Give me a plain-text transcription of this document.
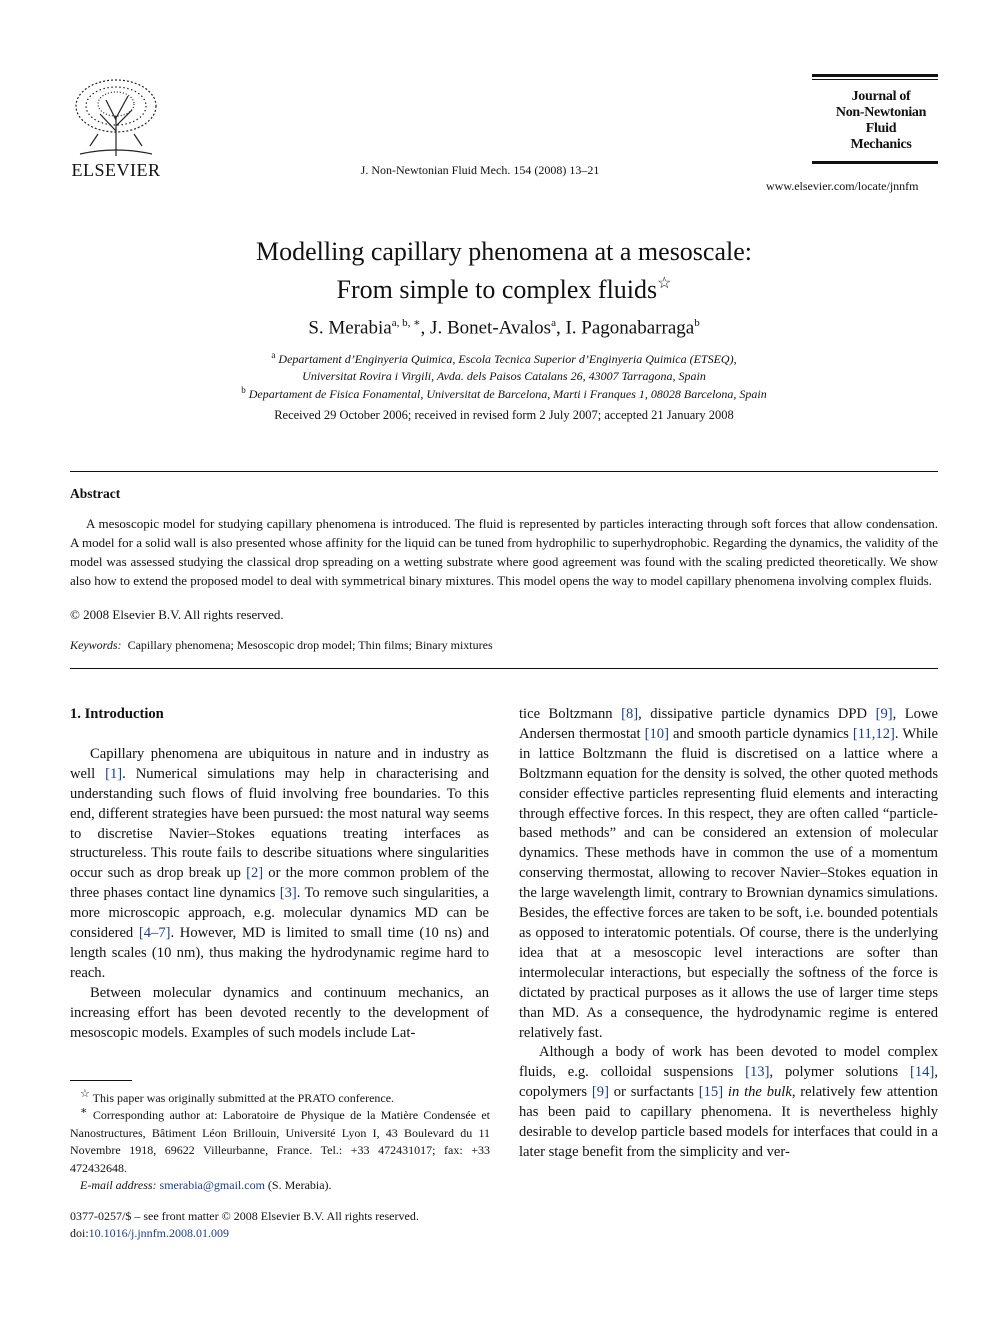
ELSEVIER	J. Non-Newtonian Fluid Mech. 154 (2008) 13–21
Journal of
Non-Newtonian
Fluid
Mechanics
www.elsevier.com/locate/jnnfm
Modelling capillary phenomena at a mesoscale:
From simple to complex fluids☆
S. Merabia$^{a, b, ∗}$, J. Bonet-Avalos$^a$, I. Pagonabarraga$^b$
$^a$ Departament d’Enginyeria Quimica, Escola Tecnica Superior d’Enginyeria Quimica (ETSEQ),
Universitat Rovira i Virgili, Avda. dels Paisos Catalans 26, 43007 Tarragona, Spain
$^b$ Departament de Fisica Fonamental, Universitat de Barcelona, Marti i Franques 1, 08028 Barcelona, Spain
Received 29 October 2006; received in revised form 2 July 2007; accepted 21 January 2008
Abstract

A mesoscopic model for studying capillary phenomena is introduced. The fluid is represented by particles interacting through soft forces that allow condensation. A model for a solid wall is also presented whose affinity for the liquid can be tuned from hydrophilic to superhydrophobic. Regarding the dynamics, the validity of the model was assessed studying the classical drop spreading on a wetting substrate where good agreement was found with the scaling predicted theoretically. We show also how to extend the proposed model to deal with symmetrical binary mixtures. This model opens the way to model capillary phenomena involving complex fluids.

© 2008 Elsevier B.V. All rights reserved.
Keywords: Capillary phenomena; Mesoscopic drop model; Thin films; Binary mixtures
1. Introduction

Capillary phenomena are ubiquitous in nature and in industry as well [1]. Numerical simulations may help in characterising and understanding such flows of fluid involving free boundaries. To this end, different strategies have been pursued: the most natural way seems to discretise Navier–Stokes equations treating interfaces as structureless. This route fails to describe situations where singularities occur such as drop break up [2] or the more common problem of the three phases contact line dynamics [3]. To remove such singularities, a more microscopic approach, e.g. molecular dynamics MD can be considered [4–7]. However, MD is limited to small time (10 ns) and length scales (10 nm), thus making the hydrodynamic regime hard to reach.

Between molecular dynamics and continuum mechanics, an increasing effort has been devoted recently to the development of mesoscopic models. Examples of such models include Lat-

☆ This paper was originally submitted at the PRATO conference.

∗ Corresponding author at: Laboratoire de Physique de la Matière Condensée et Nanostructures, Bâtiment Léon Brillouin, Université Lyon I, 43 Boulevard du 11 Novembre 1918, 69622 Villeurbanne, France. Tel.: +33 472431017; fax: +33 472432648.

E-mail address: smerabia@gmail.com (S. Merabia).

0377-0257/$ – see front matter © 2008 Elsevier B.V. All rights reserved.
doi:10.1016/j.jnnfm.2008.01.009

tice Boltzmann [8], dissipative particle dynamics DPD [9], Lowe Andersen thermostat [10] and smooth particle dynamics [11,12]. While in lattice Boltzmann the fluid is discretised on a lattice where a Boltzmann equation for the density is solved, the other quoted methods consider effective particles representing fluid elements and interacting through effective forces. In this respect, they are often called “particle-based methods” and can be considered an extension of molecular dynamics. These methods have in common the use of a momentum conserving thermostat, allowing to recover Navier–Stokes equation in the large wavelength limit, contrary to Brownian dynamics simulations. Besides, the effective forces are taken to be soft, i.e. bounded potentials as opposed to interatomic potentials. Of course, there is the underlying idea that at a mesoscopic level interactions are softer than intermolecular interactions, but especially the softness of the force is dictated by practical purposes as it allows the use of larger time steps than MD. As a consequence, the hydrodynamic regime is entered relatively fast.

Although a body of work has been devoted to model complex fluids, e.g. colloidal suspensions [13], polymer solutions [14], copolymers [9] or surfactants [15] in the bulk, relatively few attention has been paid to capillary phenomena. It is nevertheless highly desirable to develop particle based models for interfaces that could in a later stage benefit from the simplicity and ver-
